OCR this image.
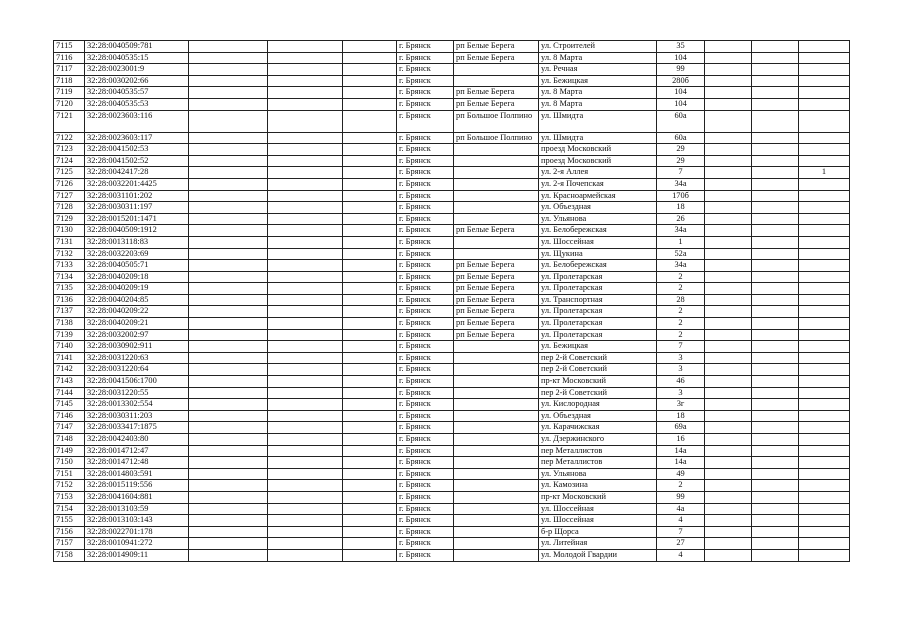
7115	32:28:0040509:781				г. Брянск	рп Белые Берега	ул. Строителей	35			
7116	32:28:0040535:15				г. Брянск	рп Белые Берега	ул. 8 Марта	104			
7117	32:28:0023001:9				г. Брянск		ул. Речная	99			
7118	32:28:0030202:66				г. Брянск		ул. Бежицкая	280б			
7119	32:28:0040535:57				г. Брянск	рп Белые Берега	ул. 8 Марта	104			
7120	32:28:0040535:53				г. Брянск	рп Белые Берега	ул. 8 Марта	104			
7121	32:28:0023603:116				г. Брянск	рп Большое Полпино	ул. Шмидта	60а			
7122	32:28:0023603:117				г. Брянск	рп Большое Полпино	ул. Шмидта	60а			
7123	32:28:0041502:53				г. Брянск		проезд Московский	29			
7124	32:28:0041502:52				г. Брянск		проезд Московский	29			
7125	32:28:0042417:28				г. Брянск		ул. 2-я Аллея	7			1
7126	32:28:0032201:4425				г. Брянск		ул. 2-я Почепская	34а			
7127	32:28:0031101:202				г. Брянск		ул. Красноармейская	170б			
7128	32:28:0030311:197				г. Брянск		ул. Объездная	18			
7129	32:28:0015201:1471				г. Брянск		ул. Ульянова	26			
7130	32:28:0040509:1912				г. Брянск	рп Белые Берега	ул. Белобережская	34а			
7131	32:28:0013118:83				г. Брянск		ул. Шоссейная	1			
7132	32:28:0032203:69				г. Брянск		ул. Щукина	52а			
7133	32:28:0040505:71				г. Брянск	рп Белые Берега	ул. Белобережская	34а			
7134	32:28:0040209:18				г. Брянск	рп Белые Берега	ул. Пролетарская	2			
7135	32:28:0040209:19				г. Брянск	рп Белые Берега	ул. Пролетарская	2			
7136	32:28:0040204:85				г. Брянск	рп Белые Берега	ул. Транспортная	28			
7137	32:28:0040209:22				г. Брянск	рп Белые Берега	ул. Пролетарская	2			
7138	32:28:0040209:21				г. Брянск	рп Белые Берега	ул. Пролетарская	2			
7139	32:28:0032002:97				г. Брянск	рп Белые Берега	ул. Пролетарская	2			
7140	32:28:0030902:911				г. Брянск		ул. Бежицкая	7			
7141	32:28:0031220:63				г. Брянск		пер 2-й Советский	3			
7142	32:28:0031220:64				г. Брянск		пер 2-й Советский	3			
7143	32:28:0041506:1700				г. Брянск		пр-кт Московский	46			
7144	32:28:0031220:55				г. Брянск		пер 2-й Советский	3			
7145	32:28:0013302:554				г. Брянск		ул. Кислородная	3г			
7146	32:28:0030311:203				г. Брянск		ул. Объездная	18			
7147	32:28:0033417:1875				г. Брянск		ул. Карачижская	69а			
7148	32:28:0042403:80				г. Брянск		ул. Дзержинского	16			
7149	32:28:0014712:47				г. Брянск		пер Металлистов	14а			
7150	32:28:0014712:48				г. Брянск		пер Металлистов	14а			
7151	32:28:0014803:591				г. Брянск		ул. Ульянова	49			
7152	32:28:0015119:556				г. Брянск		ул. Камозина	2			
7153	32:28:0041604:881				г. Брянск		пр-кт Московский	99			
7154	32:28:0013103:59				г. Брянск		ул. Шоссейная	4а			
7155	32:28:0013103:143				г. Брянск		ул. Шоссейная	4			
7156	32:28:0022701:178				г. Брянск		б-р Щорса	7			
7157	32:28:0010941:272				г. Брянск		ул. Литейная	27			
7158	32:28:0014909:11				г. Брянск		ул. Молодой Гвардии	4			
